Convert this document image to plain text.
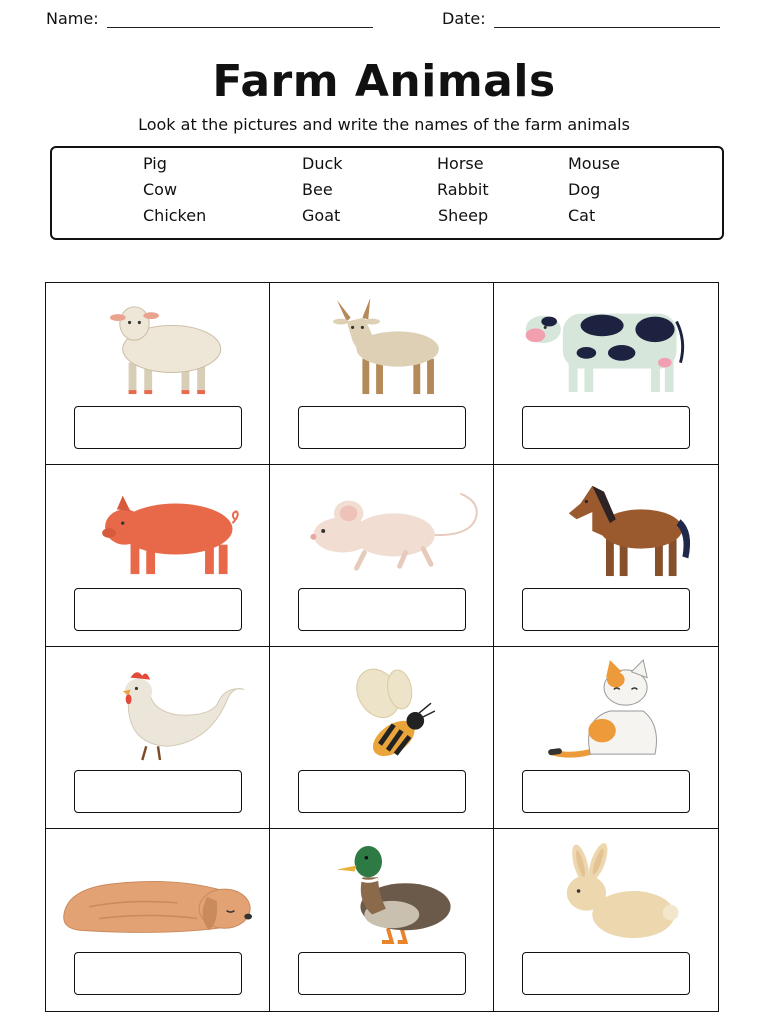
Name:	Date:
Farm Animals

Look at the pictures and write the names of the farm animals

Pig	Duck	Horse	Mouse
Cow	Bee	Rabbit	Dog
Chicken	Goat	Sheep	Cat
